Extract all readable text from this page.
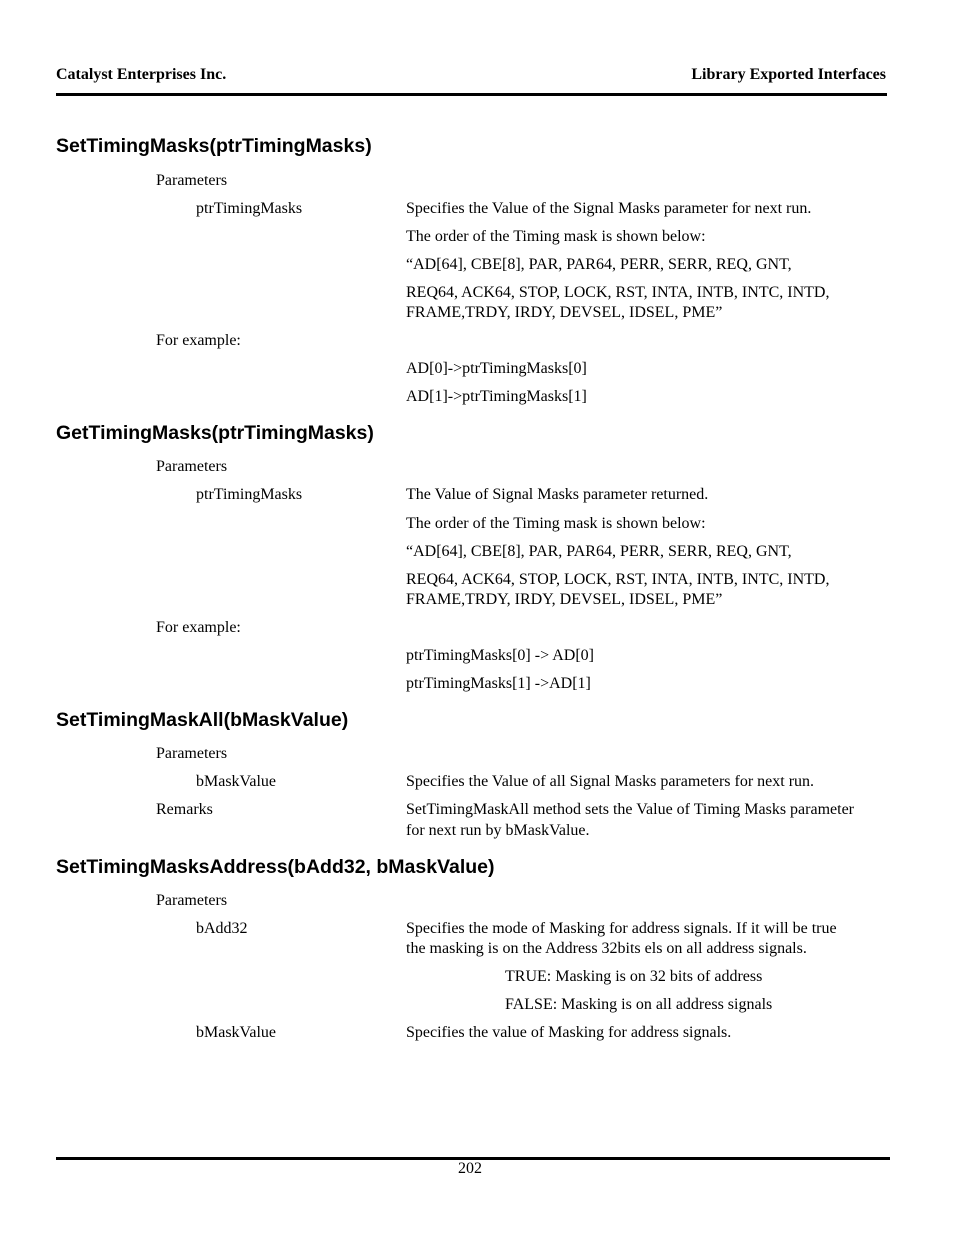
Catalyst Enterprises Inc.	Library Exported Interfaces
SetTimingMasks(ptrTimingMasks)
Parameters
ptrTimingMasks	Specifies the Value of the Signal Masks parameter for next run.
The order of the Timing mask is shown below:
“AD[64], CBE[8], PAR, PAR64, PERR, SERR, REQ, GNT,
REQ64, ACK64, STOP, LOCK, RST, INTA, INTB, INTC, INTD,
FRAME,TRDY, IRDY, DEVSEL, IDSEL, PME”
For example:
AD[0]->ptrTimingMasks[0]
AD[1]->ptrTimingMasks[1]
GetTimingMasks(ptrTimingMasks)
Parameters
ptrTimingMasks	The Value of Signal Masks parameter returned.
The order of the Timing mask is shown below:
“AD[64], CBE[8], PAR, PAR64, PERR, SERR, REQ, GNT,
REQ64, ACK64, STOP, LOCK, RST, INTA, INTB, INTC, INTD,
FRAME,TRDY, IRDY, DEVSEL, IDSEL, PME”
For example:
ptrTimingMasks[0] -> AD[0]
ptrTimingMasks[1] ->AD[1]
SetTimingMaskAll(bMaskValue)
Parameters
bMaskValue	Specifies the Value of all Signal Masks parameters for next run.
Remarks	SetTimingMaskAll method sets the Value of Timing Masks parameter
for next run by bMaskValue.
SetTimingMasksAddress(bAdd32, bMaskValue)
Parameters
bAdd32	Specifies the mode of Masking for address signals. If it will be true
the masking is on the Address 32bits els on all address signals.
TRUE: Masking is on 32 bits of address
FALSE: Masking is on all address signals
bMaskValue	Specifies the value of Masking for address signals.
202
